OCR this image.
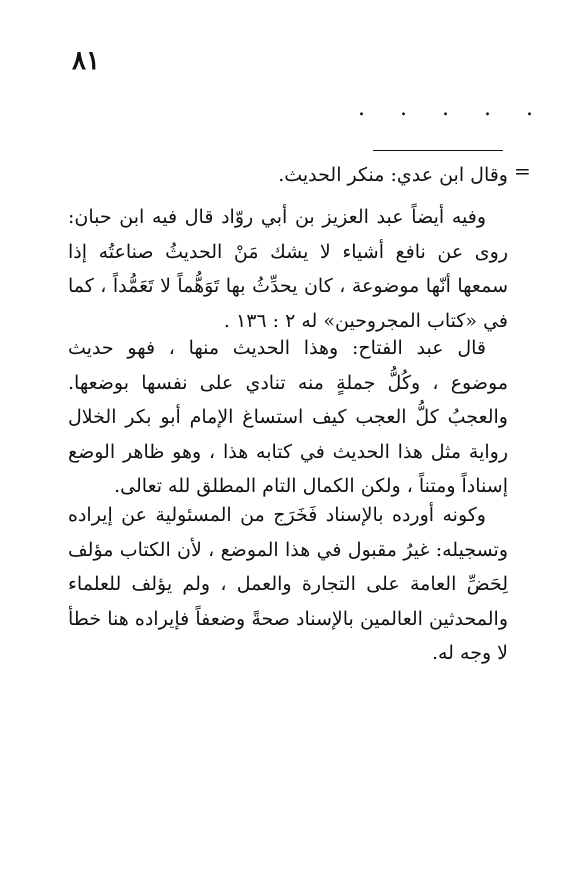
٨١
. . . . .
=
وقال ابن عدي: منكر الحديث.

وفيه أيضاً عبد العزيز بن أبي روّاد قال فيه ابن حبان: روى عن نافع أشياء لا يشك مَنْ الحديثُ صناعتُه إذا سمعها أنّها موضوعة ، كان يحدِّثُ بها تَوَهُّماً لا تَعَمُّداً ، كما في «كتاب المجروحين» له ٢ : ١٣٦ .

قال عبد الفتاح: وهذا الحديث منها ، فهو حديث موضوع ، وكُلُّ جملةٍ منه تنادي على نفسها بوضعها. والعجبُ كلُّ العجب كيف استساغ الإمام أبو بكر الخلال رواية مثل هذا الحديث في كتابه هذا ، وهو ظاهر الوضع إسناداً ومتناً ، ولكن الكمال التام المطلق لله تعالى.

وكونه أورده بالإسناد فَخَرَج من المسئولية عن إيراده وتسجيله: غيرُ مقبول في هذا الموضع ، لأن الكتاب مؤلف لِحَضِّ العامة على التجارة والعمل ، ولم يؤلف للعلماء والمحدثين العالمين بالإسناد صحةً وضعفاً فإيراده هنا خطأ لا وجه له.
